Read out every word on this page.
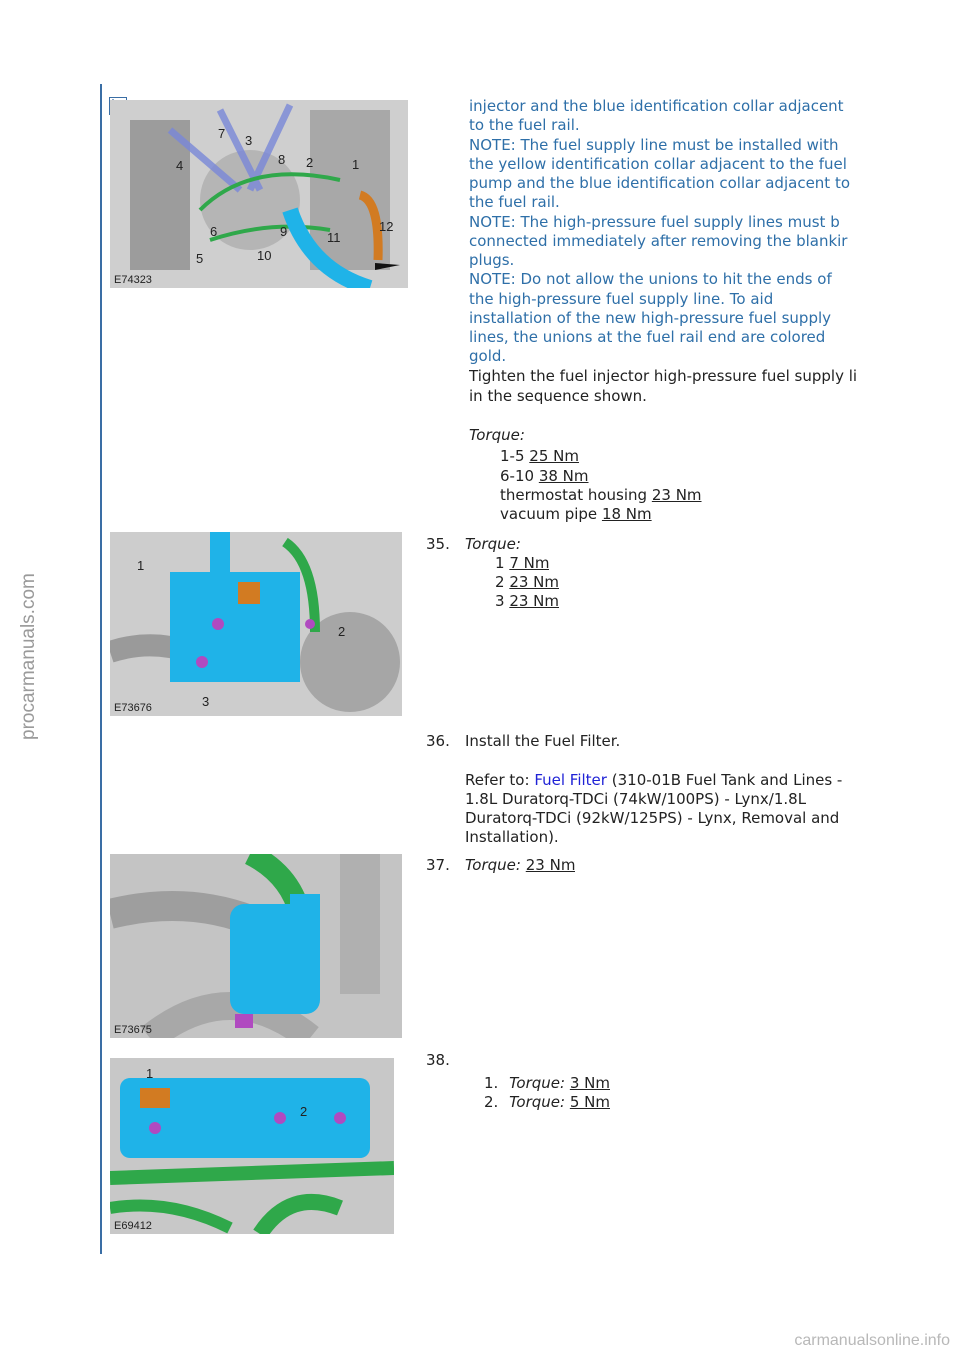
procarmanuals.com
E74323
7 3
4	8 2	1
6	9	11
12
5	10
injector and the blue identification collar adjacent
to the fuel rail.
NOTE: The fuel supply line must be installed with
the yellow identification collar adjacent to the fuel
pump and the blue identification collar adjacent to
the fuel rail.
NOTE: The high-pressure fuel supply lines must b
connected immediately after removing the blankir
plugs.
NOTE: Do not allow the unions to hit the ends of
the high-pressure fuel supply line. To aid
installation of the new high-pressure fuel supply
lines, the unions at the fuel rail end are colored
gold.
Tighten the fuel injector high-pressure fuel supply li
in the sequence shown.
Torque:
1-5 25 Nm
6-10 38 Nm
thermostat housing 23 Nm
vacuum pipe 18 Nm
E73676
1
2
3
35. Torque:
1 7 Nm
2 23 Nm
3 23 Nm
36. Install the Fuel Filter.
Refer to: Fuel Filter (310-01B Fuel Tank and Lines -
1.8L Duratorq-TDCi (74kW/100PS) - Lynx/1.8L
Duratorq-TDCi (92kW/125PS) - Lynx, Removal and
Installation).
E73675
37. Torque: 23 Nm
E69412
1
2
38.
1. Torque: 3 Nm
2. Torque: 5 Nm
carmanualsonline.info
